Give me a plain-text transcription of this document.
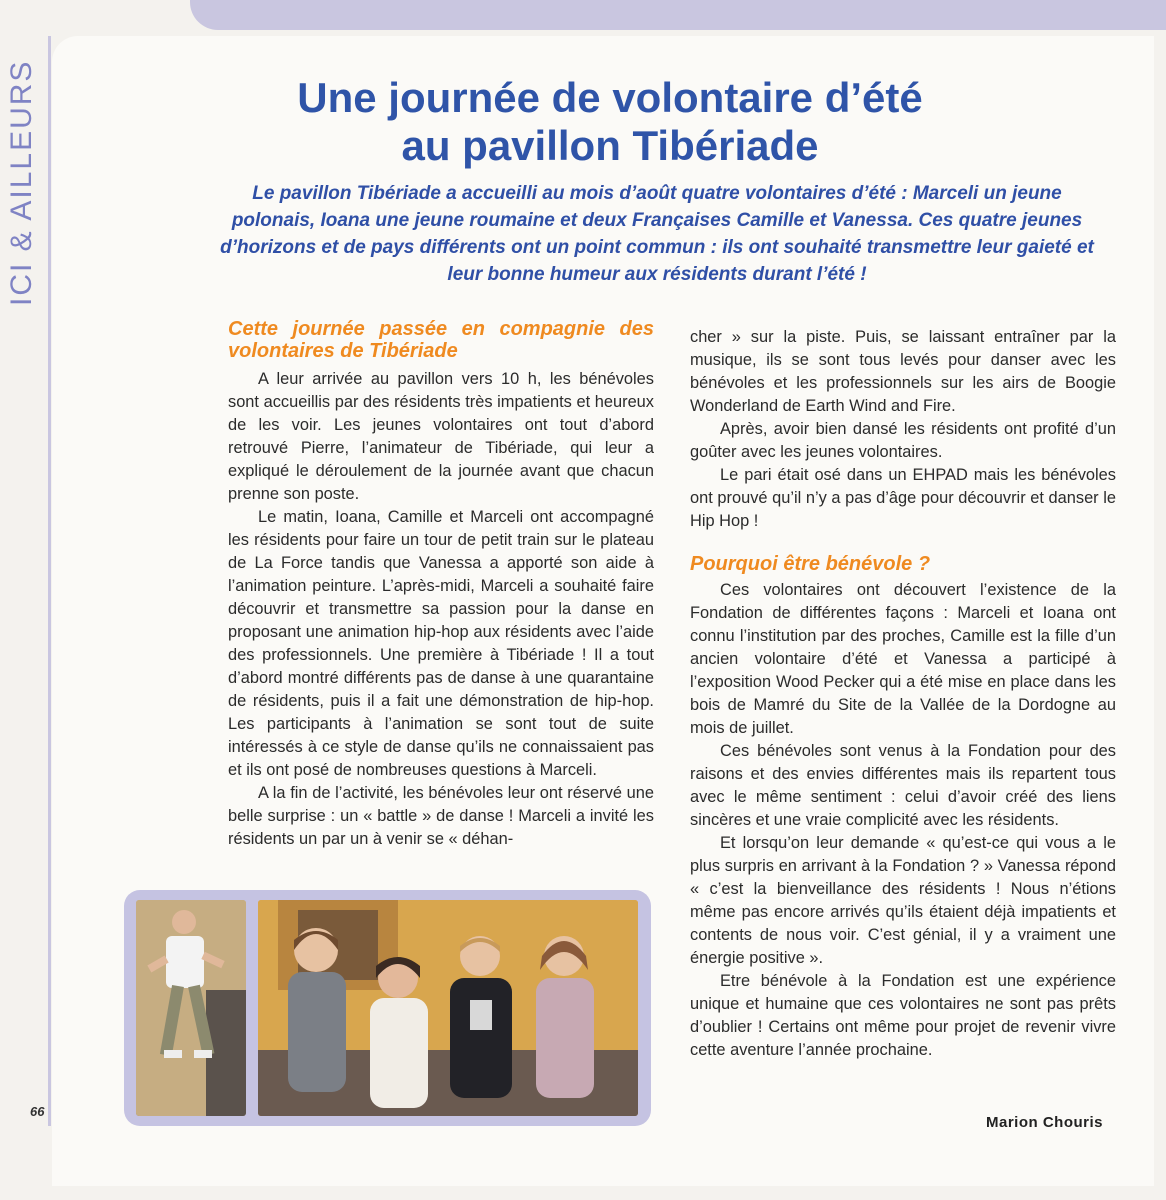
ICI & AILLEURS	Une journée de volontaire d’été
au pavillon Tibériade

Le pavillon Tibériade a accueilli au mois d’août quatre volontaires d’été : Marceli un jeune polonais, Ioana une jeune roumaine et deux Françaises Camille et Vanessa. Ces quatre jeunes d’horizons et de pays différents ont un point commun : ils ont souhaité transmettre leur gaieté et leur bonne humeur aux résidents durant l’été !

Cette journée passée en compagnie des volontaires de Tibériade

A leur arrivée au pavillon vers 10 h, les bénévoles sont accueillis par des résidents très impatients et heureux de les voir. Les jeunes volontaires ont tout d’abord retrouvé Pierre, l’animateur de Tibériade, qui leur a expliqué le déroulement de la journée avant que chacun prenne son poste.

Le matin, Ioana, Camille et Marceli ont accompagné les résidents pour faire un tour de petit train sur le plateau de La Force tandis que Vanessa a apporté son aide à l’animation peinture. L’après-midi, Marceli a souhaité faire découvrir et transmettre sa passion pour la danse en proposant une animation hip-hop aux résidents avec l’aide des professionnels. Une première à Tibériade ! Il a tout d’abord montré différents pas de danse à une quarantaine de résidents, puis il a fait une démonstration de hip-hop. Les participants à l’animation se sont tout de suite intéressés à ce style de danse qu’ils ne connaissaient pas et ils ont posé de nombreuses questions à Marceli.

A la fin de l’activité, les bénévoles leur ont réservé une belle surprise : un « battle » de danse ! Marceli a invité les résidents un par un à venir se « déhan-

cher » sur la piste. Puis, se laissant entraîner par la musique, ils se sont tous levés pour danser avec les bénévoles et les professionnels sur les airs de Boogie Wonderland de Earth Wind and Fire.

Après, avoir bien dansé les résidents ont profité d’un goûter avec les jeunes volontaires.

Le pari était osé dans un EHPAD mais les bénévoles ont prouvé qu’il n’y a pas d’âge pour découvrir et danser le Hip Hop !

Pourquoi être bénévole ?

Ces volontaires ont découvert l’existence de la Fondation de différentes façons : Marceli et Ioana ont connu l’institution par des proches, Camille est la fille d’un ancien volontaire d’été et Vanessa a participé à l’exposition Wood Pecker qui a été mise en place dans les bois de Mamré du Site de la Vallée de la Dordogne au mois de juillet.

Ces bénévoles sont venus à la Fondation pour des raisons et des envies différentes mais ils repartent tous avec le même sentiment : celui d’avoir créé des liens sincères et une vraie complicité avec les résidents.

Et lorsqu’on leur demande « qu’est-ce qui vous a le plus surpris en arrivant à la Fondation ? » Vanessa répond « c’est la bienveillance des résidents ! Nous n’étions même pas encore arrivés qu’ils étaient déjà impatients et contents de nous voir. C’est génial, il y a vraiment une énergie positive ».

Etre bénévole à la Fondation est une expérience unique et humaine que ces volontaires ne sont pas prêts d’oublier ! Certains ont même pour projet de revenir vivre cette aventure l’année prochaine.

66
Marion Chouris
